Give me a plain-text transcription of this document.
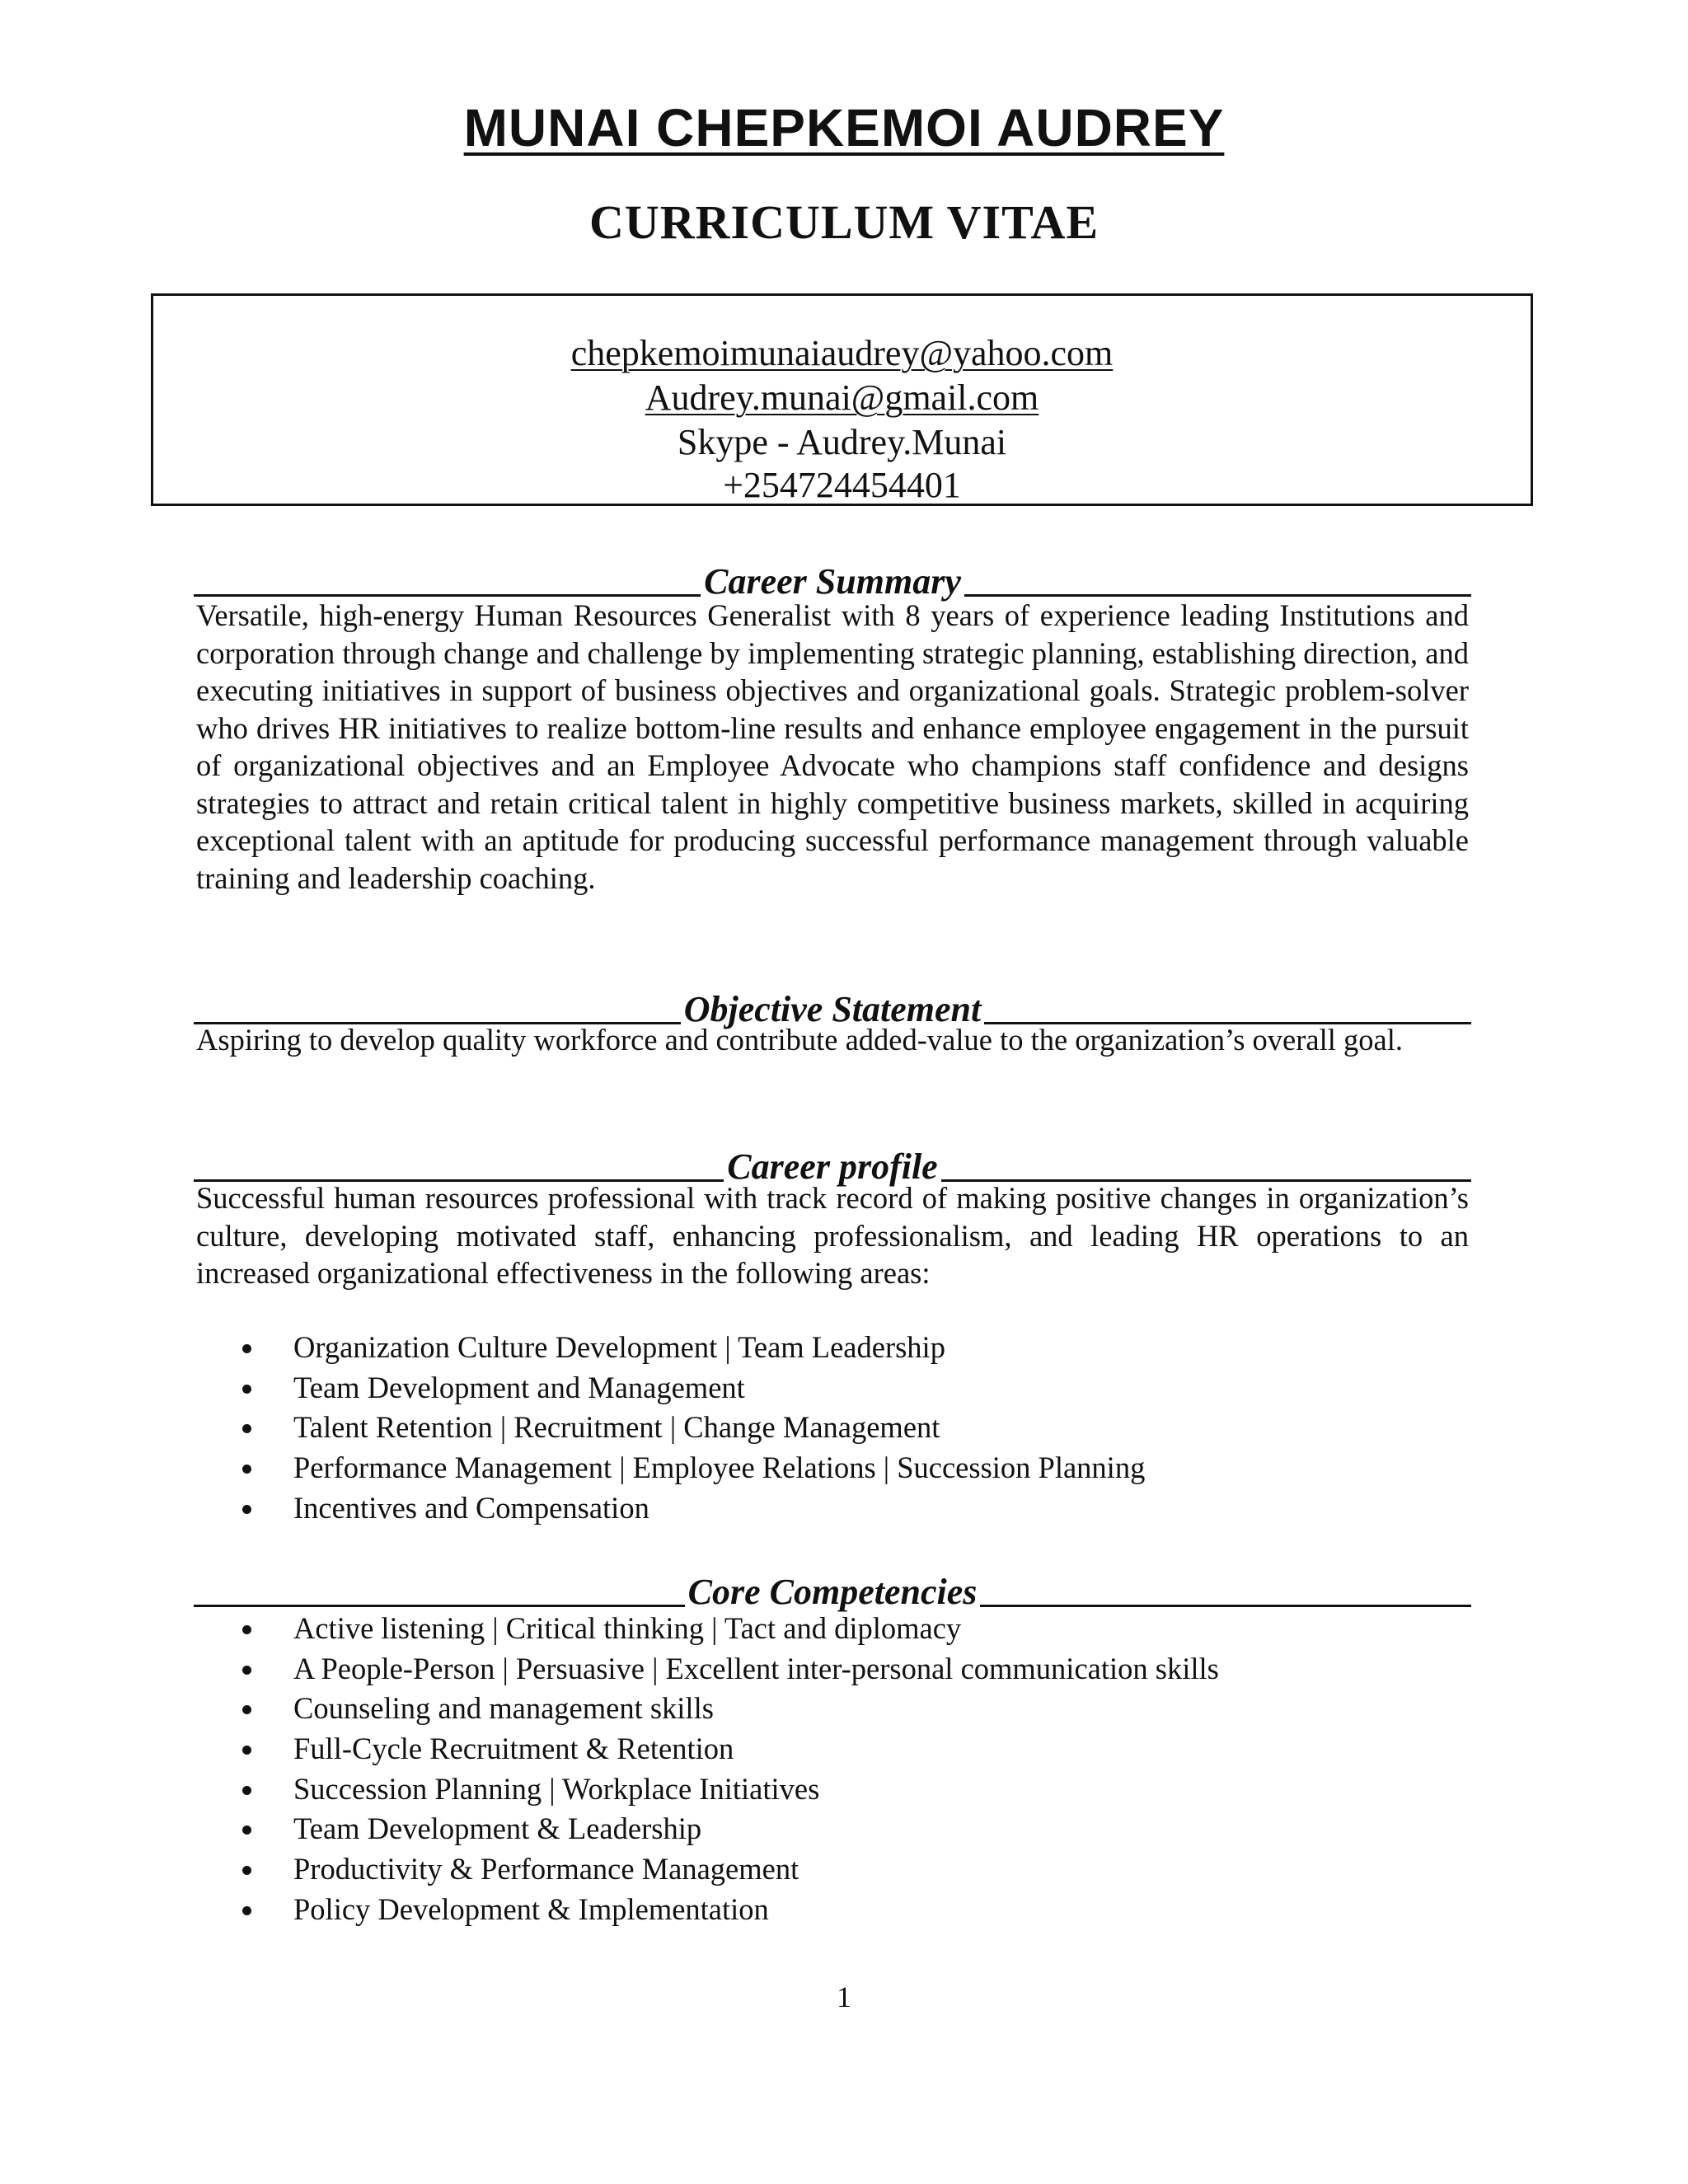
MUNAI CHEPKEMOI AUDREY
CURRICULUM VITAE
chepkemoimunaiaudrey@yahoo.com
Audrey.munai@gmail.com
Skype - Audrey.Munai
+254724454401
Career Summary

Versatile, high-energy Human Resources Generalist with 8 years of experience leading Institutions and corporation through change and challenge by implementing strategic planning, establishing direction, and executing initiatives in support of business objectives and organizational goals. Strategic problem-solver who drives HR initiatives to realize bottom-line results and enhance employee engagement in the pursuit of organizational objectives and an Employee Advocate who champions staff confidence and designs strategies to attract and retain critical talent in highly competitive business markets, skilled in acquiring exceptional talent with an aptitude for producing successful performance management through valuable training and leadership coaching.

Objective Statement

Aspiring to develop quality workforce and contribute added-value to the organization’s overall goal.

Career profile

Successful human resources professional with track record of making positive changes in organization’s culture, developing motivated staff, enhancing professionalism, and leading HR operations to an increased organizational effectiveness in the following areas:

Organization Culture Development | Team Leadership
Team Development and Management
Talent Retention | Recruitment | Change Management
Performance Management | Employee Relations | Succession Planning
Incentives and Compensation
Core Competencies
Active listening | Critical thinking | Tact and diplomacy
A People-Person | Persuasive | Excellent inter-personal communication skills
Counseling and management skills
Full-Cycle Recruitment & Retention
Succession Planning | Workplace Initiatives
Team Development & Leadership
Productivity & Performance Management
Policy Development & Implementation
1
